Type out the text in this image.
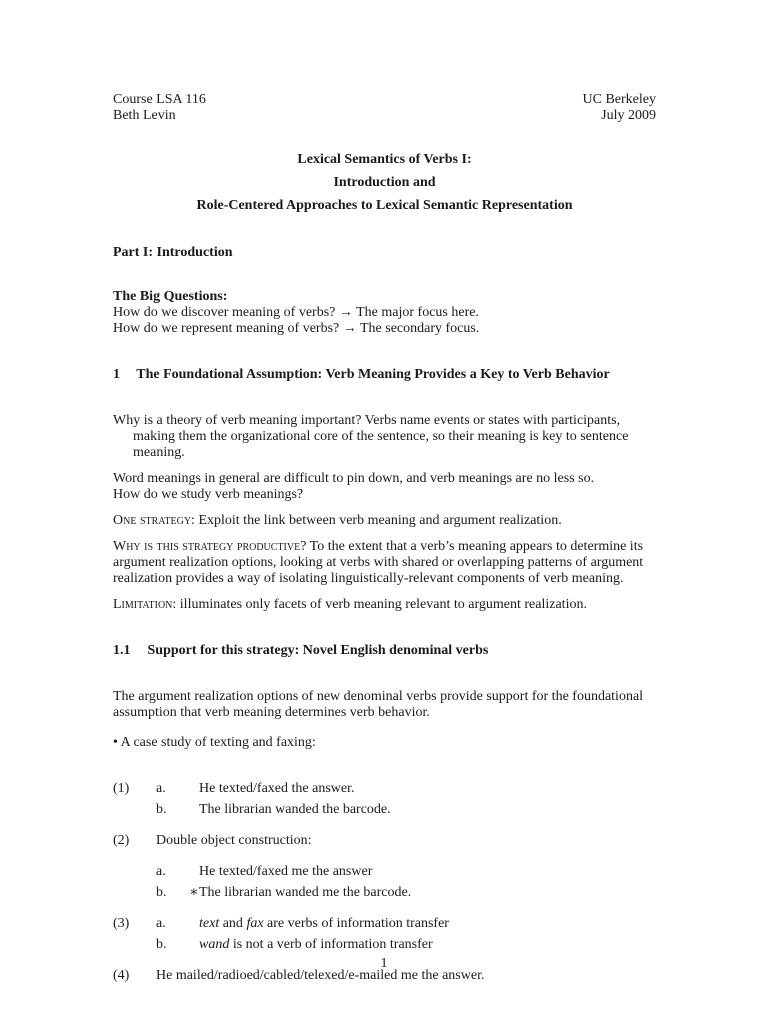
Course LSA 116
Beth Levin
UC Berkeley
July 2009
Lexical Semantics of Verbs I:
Introduction and
Role-Centered Approaches to Lexical Semantic Representation
Part I: Introduction
The Big Questions:
How do we discover meaning of verbs? → The major focus here.
How do we represent meaning of verbs? → The secondary focus.
1 The Foundational Assumption: Verb Meaning Provides a Key to Verb Behavior
Why is a theory of verb meaning important? Verbs name events or states with participants, making them the organizational core of the sentence, so their meaning is key to sentence meaning.
Word meanings in general are difficult to pin down, and verb meanings are no less so.
How do we study verb meanings?
One strategy: Exploit the link between verb meaning and argument realization.
Why is this strategy productive? To the extent that a verb’s meaning appears to determine its argument realization options, looking at verbs with shared or overlapping patterns of argument realization provides a way of isolating linguistically-relevant components of verb meaning.
Limitation: illuminates only facets of verb meaning relevant to argument realization.
1.1 Support for this strategy: Novel English denominal verbs
The argument realization options of new denominal verbs provide support for the foundational assumption that verb meaning determines verb behavior.
• A case study of texting and faxing:
(1)	a.	He texted/faxed the answer.
b.	The librarian wanded the barcode.
(2)	Double object construction:
a.	He texted/faxed me the answer
b.	∗The librarian wanded me the barcode.
(3)	a.	text and fax are verbs of information transfer
b.	wand is not a verb of information transfer
(4)	He mailed/radioed/cabled/telexed/e-mailed me the answer.
1
